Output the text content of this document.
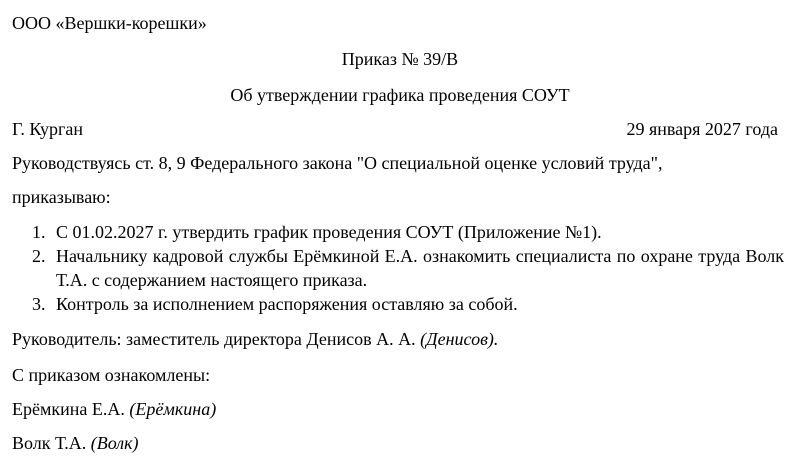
ООО «Вершки-корешки»
Приказ № 39/В
Об утверждении графика проведения СОУТ
Г. Курган	29 января 2027 года
Руководствуясь ст. 8, 9 Федерального закона "О специальной оценке условий труда",
приказываю:
1. С 01.02.2027 г. утвердить график проведения СОУТ (Приложение №1).
2. Начальнику кадровой службы Ерёмкиной Е.А. ознакомить специалиста по охране труда Волк Т.А. с содержанием настоящего приказа.
3. Контроль за исполнением распоряжения оставляю за собой.
Руководитель: заместитель директора Денисов А. А. (Денисов).
С приказом ознакомлены:
Ерёмкина Е.А. (Ерёмкина)
Волк Т.А. (Волк)
